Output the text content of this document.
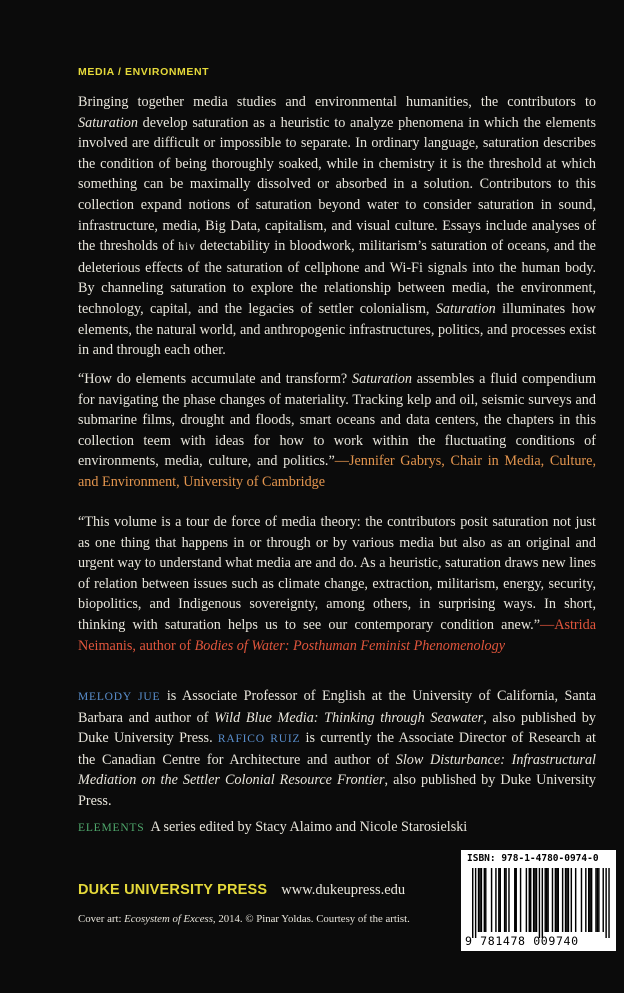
MEDIA / ENVIRONMENT

Bringing together media studies and environmental humanities, the contributors to Saturation develop saturation as a heuristic to analyze phenomena in which the elements involved are difficult or impossible to separate. In ordinary language, saturation describes the condition of being thoroughly soaked, while in chemistry it is the threshold at which something can be maximally dissolved or absorbed in a solution. Contributors to this collection expand notions of saturation beyond water to consider saturation in sound, infrastructure, media, Big Data, capitalism, and visual culture. Essays include analyses of the thresholds of hiv detectability in bloodwork, militarism’s saturation of oceans, and the deleterious effects of the saturation of cellphone and Wi-Fi signals into the human body. By channeling saturation to explore the relationship between media, the environment, technology, capital, and the legacies of settler colonialism, Saturation illuminates how elements, the natural world, and anthropogenic infrastructures, politics, and processes exist in and through each other.

“How do elements accumulate and transform? Saturation assembles a fluid compendium for navigating the phase changes of materiality. Tracking kelp and oil, seismic surveys and submarine films, drought and floods, smart oceans and data centers, the chapters in this collection teem with ideas for how to work within the fluctuating conditions of environments, media, culture, and politics.”—Jennifer Gabrys, Chair in Media, Culture, and Environment, University of Cambridge

“This volume is a tour de force of media theory: the contributors posit saturation not just as one thing that happens in or through or by various media but also as an original and urgent way to understand what media are and do. As a heuristic, saturation draws new lines of relation between issues such as climate change, extraction, militarism, energy, security, biopolitics, and Indigenous sovereignty, among others, in surprising ways. In short, thinking with saturation helps us to see our contemporary condition anew.”—Astrida Neimanis, author of Bodies of Water: Posthuman Feminist Phenomenology

MELODY JUE is Associate Professor of English at the University of California, Santa Barbara and author of Wild Blue Media: Thinking through Seawater, also published by Duke University Press. RAFICO RUIZ is currently the Associate Director of Research at the Canadian Centre for Architecture and author of Slow Disturbance: Infrastructural Mediation on the Settler Colonial Resource Frontier, also published by Duke University Press.

ELEMENTS A series edited by Stacy Alaimo and Nicole Starosielski
DUKE UNIVERSITY PRESS www.dukeupress.edu
Cover art: Ecosystem of Excess, 2014. © Pinar Yoldas. Courtesy of the artist.
ISBN: 978-1-4780-0974-0
9 781478 009740
